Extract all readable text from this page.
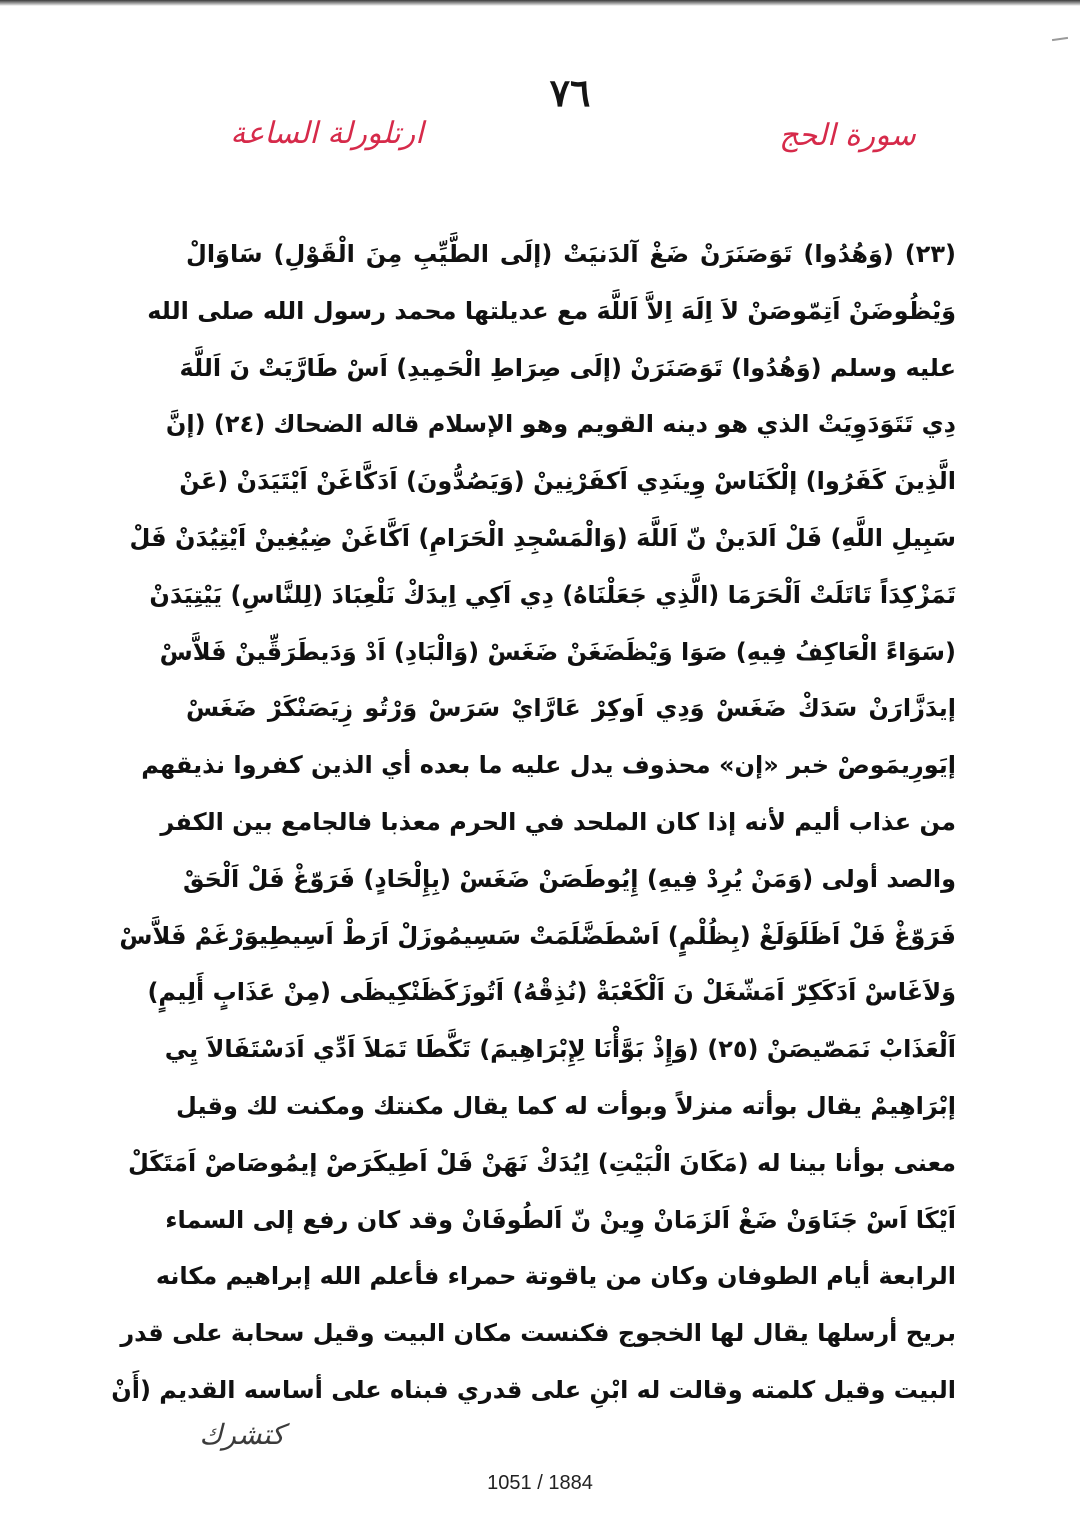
٧٦
سورة الحج
ارتلورلة الساعة
(٢٣) (وَهُدُوا) تَوَصَنَرَنْ ضَغْ آلدَنيَتْ (إلَى الطَّيِّبِ مِنَ الْقَوْلِ) سَاوَالْ
وَيْظُوضَنْ اَتِمّوصَنْ لاَ اِلَهَ اِلاَّ اَللَّهَ مع عديلتها محمد رسول الله صلى الله
عليه وسلم (وَهُدُوا) تَوَصَنَرَنْ (إلَى صِرَاطِ الْحَمِيدِ) اَسْ طَارَّيَتْ نَ اَللَّهَ
دِي تَتَوَدَوِيَتْ الذي هو دينه القويم وهو الإسلام قاله الضحاك (٢٤) (إنَّ
الَّذِينَ كَفَرُوا) إلْكَنَاسْ وِينَدِي اَكفَرْنِينْ (وَيَصُدُّونَ) اَدَكَّاغَنْ اَيْتَيَدَنْ (عَنْ
سَبِيلِ اللَّهِ) فَلْ اَلدَينْ نّ اَللَّهَ (وَالْمَسْجِدِ الْحَرَامِ) اَكَّاغَنْ ضِيُغِينْ اَيْتِيُدَنْ فَلْ
تَمَزْكِدَاً تَاتَلَتْ اَلْحَرَمَا (الَّذِي جَعَلْنَاهُ) دِي اَكِي اِيدَكْ نَلْعِبَادَ (لِلنَّاسِ) يَيْتِيَدَنْ
(سَوَاءً الْعَاكِفُ فِيهِ) صَوَا وَيْظَضَغَنْ ضَغَسْ (وَالْبَادِ) اَدْ وَدَيطَرَقِّينْ فَلاَّسْ
إيدَزَّارَنْ سَدَكْ ضَغَسْ وَدِي اَوكِرْ عَارَّايْ سَرَسْ وَرْتُو زِيَصَنْكَرْ ضَغَسْ
إيَورِيمَوصْ خبر «إن» محذوف يدل عليه ما بعده أي الذين كفروا نذيقهم
من عذاب أليم لأنه إذا كان الملحد في الحرم معذبا فالجامع بين الكفر
والصد أولى (وَمَنْ يُرِدْ فِيهِ) إِيُوطَصَنْ ضَغَسْ (بِإِلْحَادٍ) فَرَوّغْ فَلْ اَلْحَقْ
فَرَوّغْ فَلْ اَظَلَوَلَغْ (بِظُلْمٍ) اَسْطَضَّلَمَتْ سَسِيمُوزَلْ اَرَطْ اَسِيطِيوَرْغَمْ فَلاَّسْ
وَلاَغَاسْ اَدَكَكِرّ اَمَشّغَلْ نَ اَلْكَعْبَةْ (نُذِقْهُ) اَتُوزَكَظَنْكِيظَى (مِنْ عَذَابٍ أَلِيمٍ)
اَلْعَذَابْ نَمَصّيصَنْ (٢٥) (وَإِذْ بَوَّأْنَا لِإِبْرَاهِيمَ) تَكَّطَا تَمَلاَ اَدِّي اَدَسْتَفَالاَ يِي
إبْرَاهِيمْ يقال بوأته منزلاً وبوأت له كما يقال مكنتك ومكنت لك وقيل
معنى بوأنا بينا له (مَكَانَ الْبَيْتِ) اِيُدَكْ نَهَنْ فَلْ اَطِيكَرَصْ إيمُوصَاصْ اَمَتَكَلْ
اَيْكَا اَسْ جَنَاوَنْ ضَغْ اَلزَمَانْ وِينْ نّ اَلطُوفَانْ وقد كان رفع إلى السماء
الرابعة أيام الطوفان وكان من ياقوتة حمراء فأعلم الله إبراهيم مكانه
بريح أرسلها يقال لها الخجوج فكنست مكان البيت وقيل سحابة على قدر
البيت وقيل كلمته وقالت له ابْنِ على قدري فبناه على أساسه القديم (أَنْ
كتشرك
1051 / 1884
